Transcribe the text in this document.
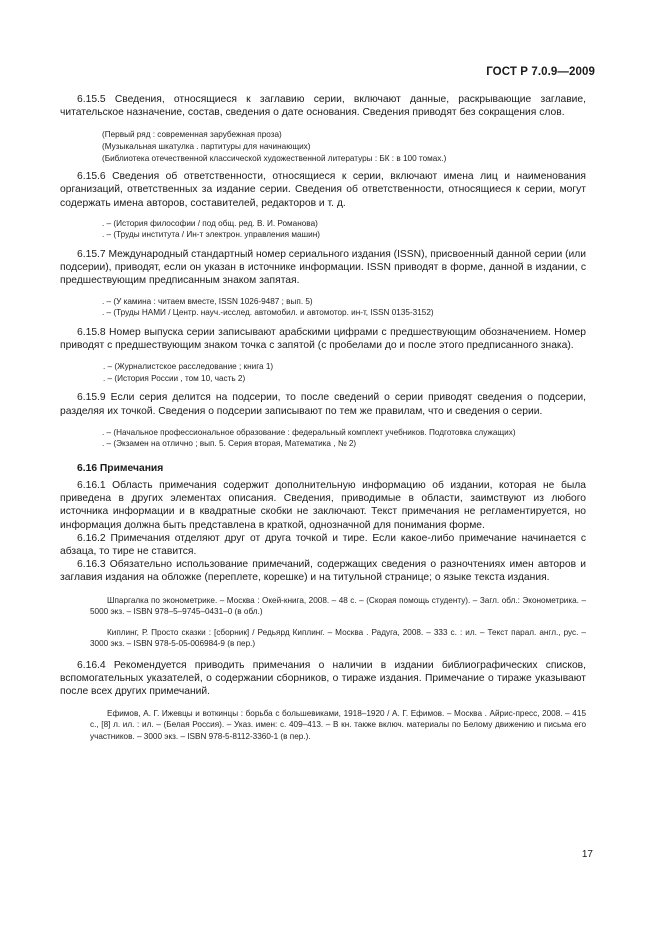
ГОСТ Р 7.0.9—2009

6.15.5 Сведения, относящиеся к заглавию серии, включают данные, раскрывающие заглавие, читательское назначение, состав, сведения о дате основания. Сведения приводят без сокращения слов.

(Первый ряд : современная зарубежная проза)

(Музыкальная шкатулка . партитуры для начинающих)

(Библиотека отечественной классической художественной литературы : БК : в 100 томах.)

6.15.6 Сведения об ответственности, относящиеся к серии, включают имена лиц и наименования организаций, ответственных за издание серии. Сведения об ответственности, относящиеся к серии, могут содержать имена авторов, составителей, редакторов и т. д.

. – (История философии / под общ. ред. В. И. Романова)

. – (Труды института / Ин-т электрон. управления машин)

6.15.7 Международный стандартный номер сериального издания (ISSN), присвоенный данной серии (или подсерии), приводят, если он указан в источнике информации. ISSN приводят в форме, данной в издании, с предшествующим предписанным знаком запятая.

. – (У камина : читаем вместе, ISSN 1026-9487 ; вып. 5)

. – (Труды НАМИ / Центр. науч.-исслед. автомобил. и автомотор. ин-т, ISSN 0135-3152)

6.15.8 Номер выпуска серии записывают арабскими цифрами с предшествующим обозначением. Номер приводят с предшествующим знаком точка с запятой (с пробелами до и после этого предписанного знака).

. – (Журналистское расследование ; книга 1)

. – (История России , том 10, часть 2)

6.15.9 Если серия делится на подсерии, то после сведений о серии приводят сведения о подсерии, разделяя их точкой. Сведения о подсерии записывают по тем же правилам, что и сведения о серии.

. – (Начальное профессиональное образование : федеральный комплект учебников. Подготовка служащих)

. – (Экзамен на отлично ; вып. 5. Серия вторая, Математика , № 2)

6.16 Примечания

6.16.1 Область примечания содержит дополнительную информацию об издании, которая не была приведена в других элементах описания. Сведения, приводимые в области, заимствуют из любого источника информации и в квадратные скобки не заключают. Текст примечания не регламентируется, но информация должна быть представлена в краткой, однозначной для понимания форме.

6.16.2 Примечания отделяют друг от друга точкой и тире. Если какое-либо примечание начинается с абзаца, то тире не ставится.

6.16.3 Обязательно использование примечаний, содержащих сведения о разночтениях имен авторов и заглавия издания на обложке (переплете, корешке) и на титульной странице; о языке текста издания.

Шпаргалка по эконометрике. – Москва : Окей-книга, 2008. – 48 с. – (Скорая помощь студенту). – Загл. обл.: Эконометрика. – 5000 экз. – ISBN 978–5–9745–0431–0 (в обл.)

Киплинг, Р. Просто сказки : [сборник] / Редьярд Киплинг. – Москва . Радуга, 2008. – 333 с. : ил. – Текст парал. англ., рус. – 3000 экз. – ISBN 978-5-05-006984-9 (в пер.)

6.16.4 Рекомендуется приводить примечания о наличии в издании библиографических списков, вспомогательных указателей, о содержании сборников, о тираже издания. Примечание о тираже указывают после всех других примечаний.

Ефимов, А. Г. Ижевцы и воткинцы : борьба с большевиками, 1918–1920 / А. Г. Ефимов. – Москва . Айрис-пресс, 2008. – 415 с., [8] л. ил. : ил. – (Белая Россия). – Указ. имен: с. 409–413. – В кн. также включ. материалы по Белому движению и письма его участников. – 3000 экз. – ISBN 978-5-8112-3360-1 (в пер.).

17
